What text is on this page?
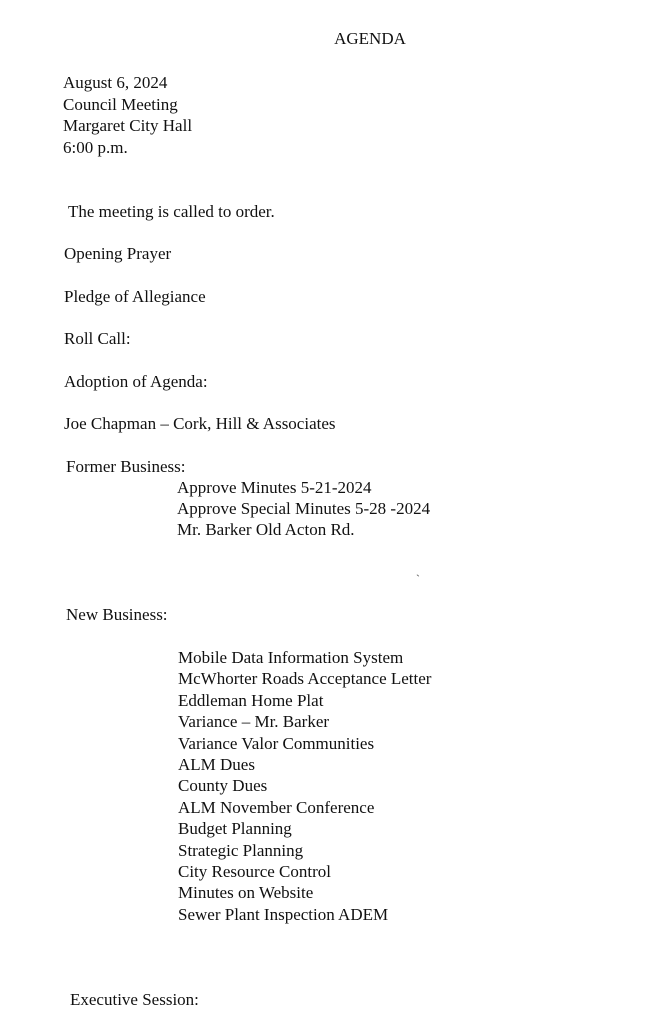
AGENDA
August 6, 2024
Council Meeting
Margaret City Hall
6:00 p.m.
The meeting is called to order.
Opening Prayer
Pledge of Allegiance
Roll Call:
Adoption of Agenda:
Joe Chapman – Cork, Hill & Associates
Former Business:
Approve Minutes 5-21-2024
Approve Special Minutes 5-28 -2024
Mr. Barker Old Acton Rd.
`
New Business:
Mobile Data Information System
McWhorter Roads Acceptance Letter
Eddleman Home Plat
Variance – Mr. Barker
Variance Valor Communities
ALM Dues
County Dues
ALM November Conference
Budget Planning
Strategic Planning
City Resource Control
Minutes on Website
Sewer Plant Inspection ADEM
Executive Session:
